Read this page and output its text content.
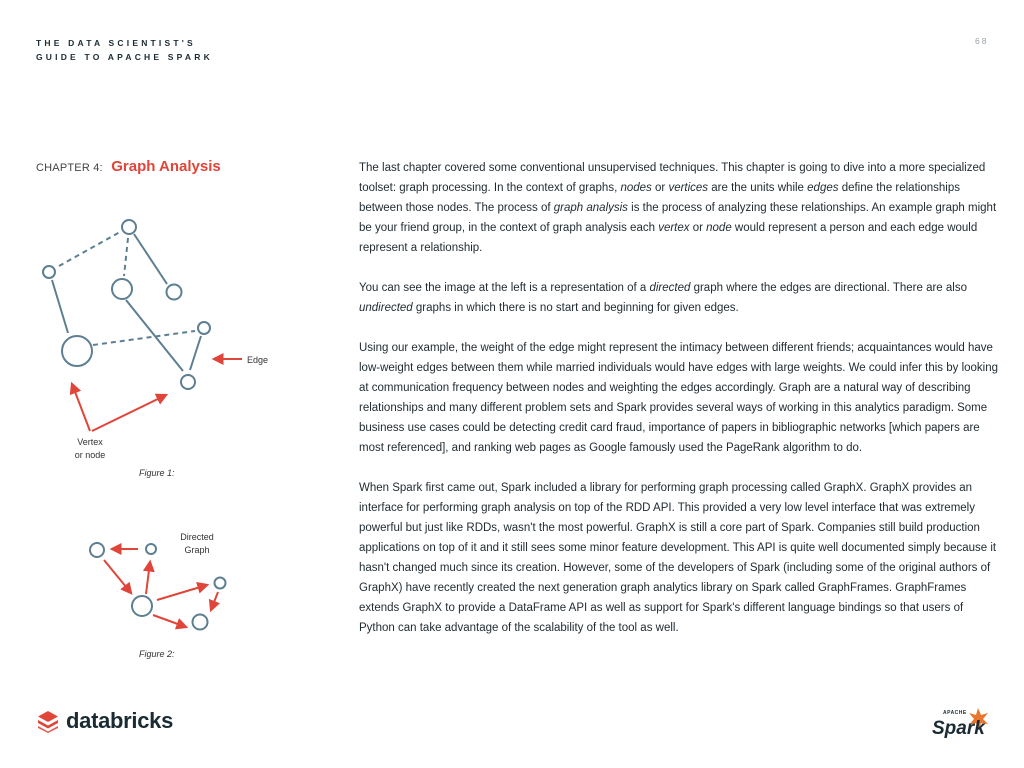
THE DATA SCIENTIST'S
GUIDE TO APACHE SPARK
68
CHAPTER 4: Graph Analysis
Edge
Vertex
or node
Figure 1:
Directed
Graph
Figure 2:

The last chapter covered some conventional unsupervised techniques. This chapter is going to dive into a more specialized toolset: graph processing. In the context of graphs, nodes or vertices are the units while edges define the relationships between those nodes. The process of graph analysis is the process of analyzing these relationships. An example graph might be your friend group, in the context of graph analysis each vertex or node would represent a person and each edge would represent a relationship.

You can see the image at the left is a representation of a directed graph where the edges are directional. There are also undirected graphs in which there is no start and beginning for given edges.

Using our example, the weight of the edge might represent the intimacy between different friends; acquaintances would have low-weight edges between them while married individuals would have edges with large weights. We could infer this by looking at communication frequency between nodes and weighting the edges accordingly. Graph are a natural way of describing relationships and many different problem sets and Spark provides several ways of working in this analytics paradigm. Some business use cases could be detecting credit card fraud, importance of papers in bibliographic networks [which papers are most referenced], and ranking web pages as Google famously used the PageRank algorithm to do.

When Spark first came out, Spark included a library for performing graph processing called GraphX. GraphX provides an interface for performing graph analysis on top of the RDD API. This provided a very low level interface that was extremely powerful but just like RDDs, wasn't the most powerful. GraphX is still a core part of Spark. Companies still build production applications on top of it and it still sees some minor feature development. This API is quite well documented simply because it hasn't changed much since its creation. However, some of the developers of Spark (including some of the original authors of GraphX) have recently created the next generation graph analytics library on Spark called GraphFrames. GraphFrames extends GraphX to provide a DataFrame API as well as support for Spark's different language bindings so that users of Python can take advantage of the scalability of the tool as well.

databricks	APACHE
Spark
